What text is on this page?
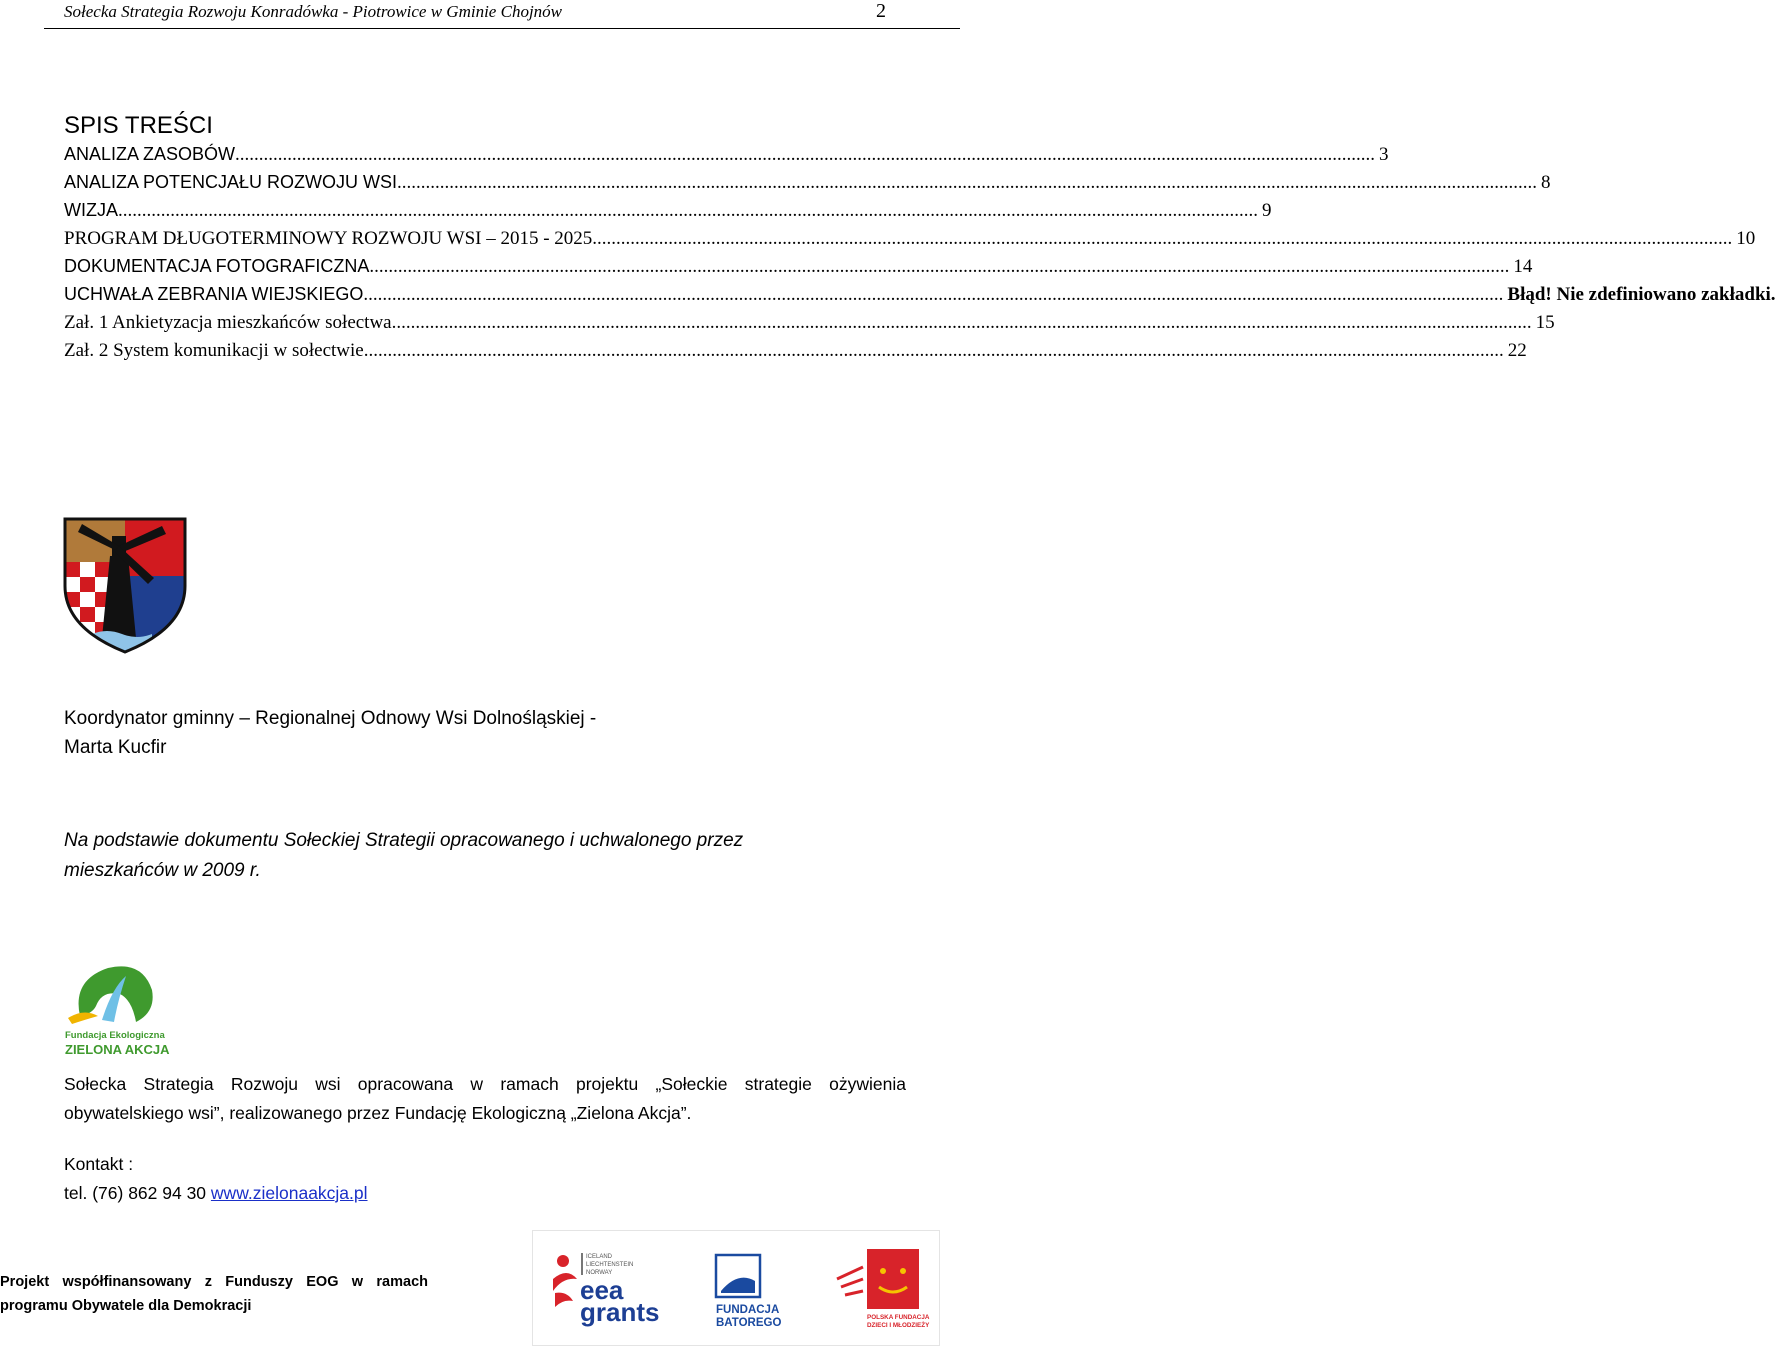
Sołecka Strategia Rozwoju Konradówka - Piotrowice w Gminie Chojnów	2
SPIS TREŚCI
ANALIZA ZASOBÓW .....	3
ANALIZA POTENCJAŁU ROZWOJU WSI .....	8
WIZJA .....	9
PROGRAM DŁUGOTERMINOWY ROZWOJU WSI – 2015 - 2025 .....	10
DOKUMENTACJA FOTOGRAFICZNA .....	14
UCHWAŁA ZEBRANIA WIEJSKIEGO .....	Błąd! Nie zdefiniowano zakładki.
Zał. 1 Ankietyzacja mieszkańców sołectwa .....	15
Zał. 2 System komunikacji w sołectwie .....	22
Koordynator gminny – Regionalnej Odnowy Wsi Dolnośląskiej -
Marta Kucfir
Na podstawie dokumentu Sołeckiej Strategii opracowanego i uchwalonego przez
mieszkańców w 2009 r.
Fundacja Ekologiczna
ZIELONA AKCJA
Sołecka Strategia Rozwoju wsi opracowana w ramach projektu „Sołeckie strategie ożywienia obywatelskiego wsi”, realizowanego przez Fundację Ekologiczną „Zielona Akcja”.
Kontakt :
tel. (76) 862 94 30 www.zielonaakcja.pl
Projekt współfinansowany z Funduszy EOG w ramach programu Obywatele dla Demokracji
ICELAND
LIECHTENSTEIN
NORWAY
eea
grants	FUNDACJA
BATOREGO	POLSKA FUNDACJA
DZIECI I MŁODZIEŻY
